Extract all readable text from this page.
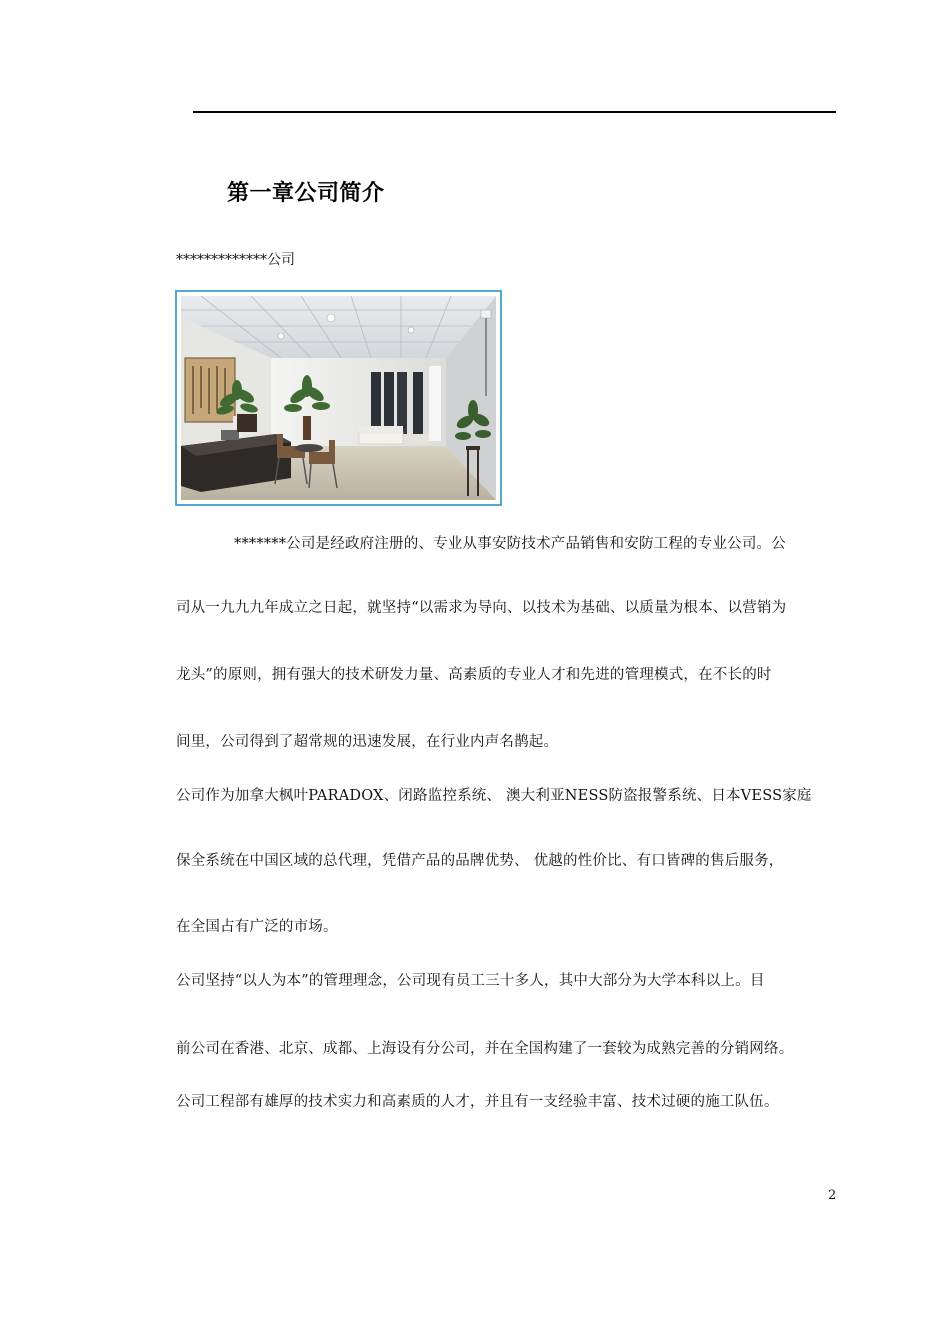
第一章公司简介
*************公司
*******公司是经政府注册的、专业从事安防技术产品销售和安防工程的专业公司。公
司从一九九九年成立之日起，就坚持“以需求为导向、以技术为基础、以质量为根本、以营销为
龙头”的原则，拥有强大的技术研发力量、高素质的专业人才和先进的管理模式，在不长的时
间里，公司得到了超常规的迅速发展，在行业内声名鹊起。
公司作为加拿大枫叶PARADOX、闭路监控系统、 澳大利亚NESS防盗报警系统、日本VESS家庭
保全系统在中国区域的总代理，凭借产品的品牌优势、 优越的性价比、有口皆碑的售后服务，
在全国占有广泛的市场。
公司坚持“以人为本”的管理理念，公司现有员工三十多人，其中大部分为大学本科以上。目
前公司在香港、北京、成都、上海设有分公司，并在全国构建了一套较为成熟完善的分销网络。
公司工程部有雄厚的技术实力和高素质的人才，并且有一支经验丰富、技术过硬的施工队伍。
2
